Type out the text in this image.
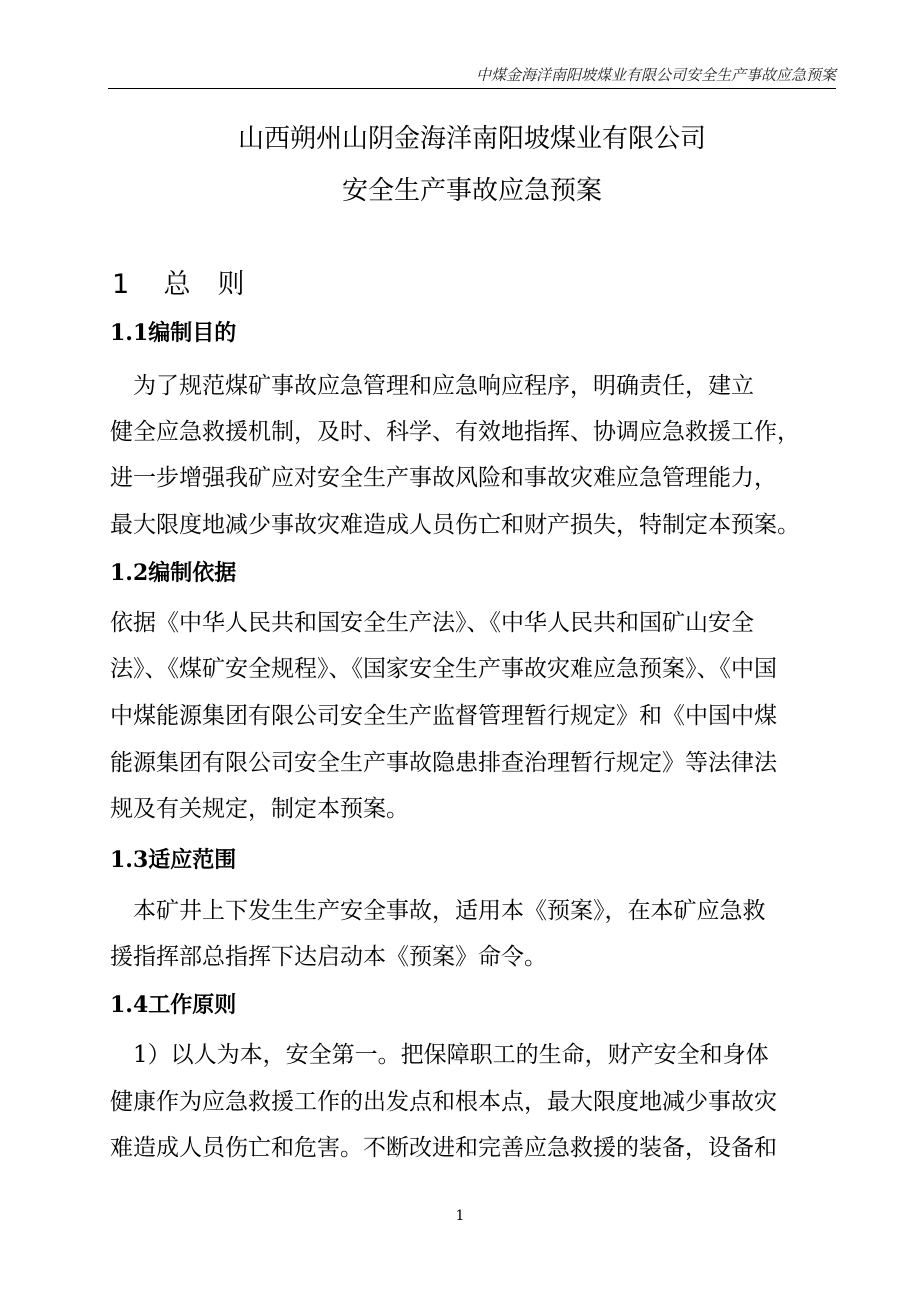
中煤金海洋南阳坡煤业有限公司安全生产事故应急预案
山西朔州山阴金海洋南阳坡煤业有限公司
安全生产事故应急预案
1 总　则
1.1编制目的
　为了规范煤矿事故应急管理和应急响应程序，明确责任，建立
健全应急救援机制，及时、科学、有效地指挥、协调应急救援工作，
进一步增强我矿应对安全生产事故风险和事故灾难应急管理能力，
最大限度地减少事故灾难造成人员伤亡和财产损失，特制定本预案。
1.2编制依据
依据《中华人民共和国安全生产法》、《中华人民共和国矿山安全
法》、《煤矿安全规程》、《国家安全生产事故灾难应急预案》、《中国
中煤能源集团有限公司安全生产监督管理暂行规定》和《中国中煤
能源集团有限公司安全生产事故隐患排查治理暂行规定》等法律法
规及有关规定，制定本预案。
1.3适应范围
　本矿井上下发生生产安全事故，适用本《预案》，在本矿应急救
援指挥部总指挥下达启动本《预案》命令。
1.4工作原则
　1）以人为本，安全第一。把保障职工的生命，财产安全和身体
健康作为应急救援工作的出发点和根本点，最大限度地减少事故灾
难造成人员伤亡和危害。不断改进和完善应急救援的装备，设备和
1
